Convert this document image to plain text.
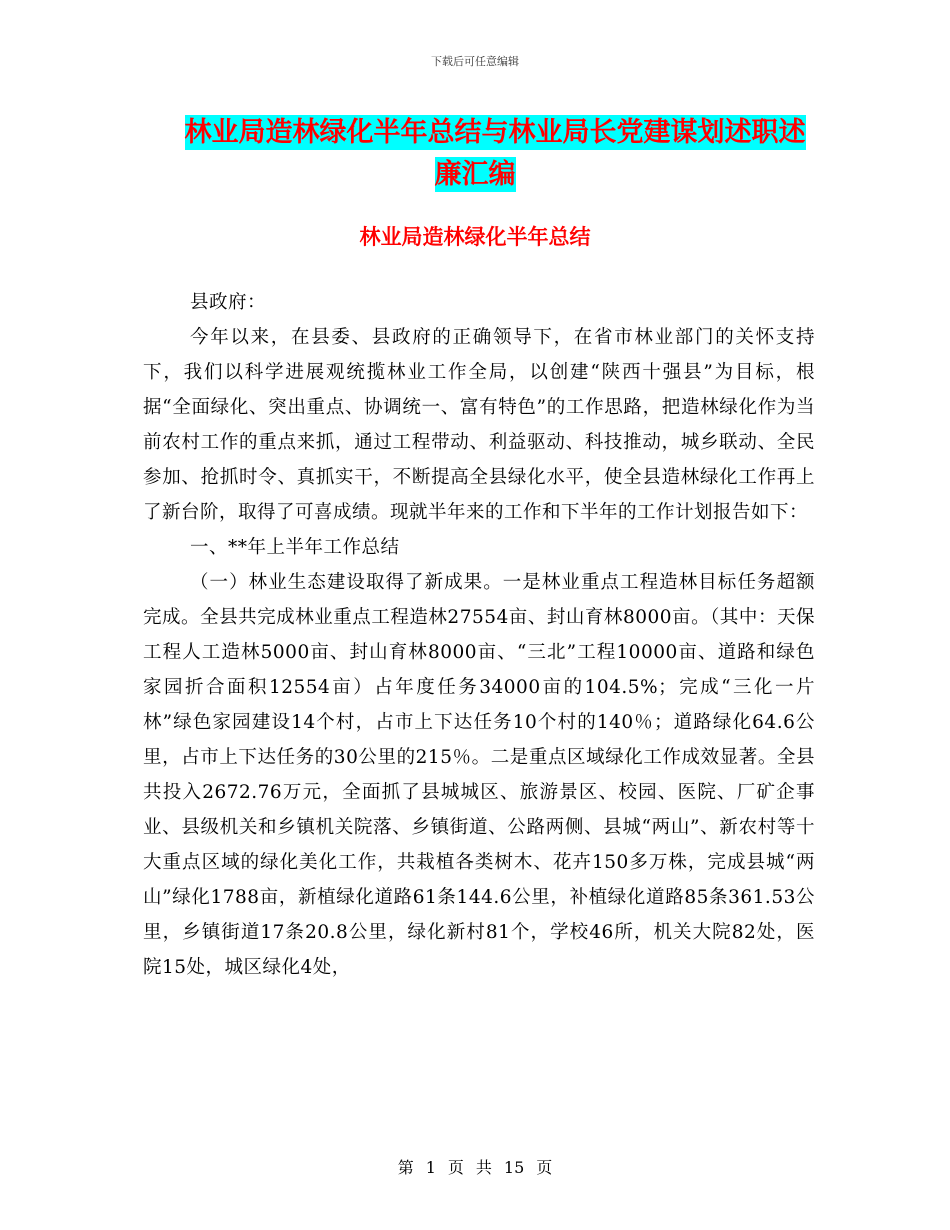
下载后可任意编辑
林业局造林绿化半年总结与林业局长党建谋划述职述
廉汇编
林业局造林绿化半年总结

县政府：

今年以来，在县委、县政府的正确领导下，在省市林业部门的关怀支持下，我们以科学进展观统揽林业工作全局，以创建“陕西十强县”为目标，根据“全面绿化、突出重点、协调统一、富有特色”的工作思路，把造林绿化作为当前农村工作的重点来抓，通过工程带动、利益驱动、科技推动，城乡联动、全民参加、抢抓时令、真抓实干，不断提高全县绿化水平，使全县造林绿化工作再上了新台阶，取得了可喜成绩。现就半年来的工作和下半年的工作计划报告如下：

一、**年上半年工作总结

（一）林业生态建设取得了新成果。一是林业重点工程造林目标任务超额完成。全县共完成林业重点工程造林27554亩、封山育林8000亩。（其中：天保工程人工造林5000亩、封山育林8000亩、“三北”工程10000亩、道路和绿色家园折合面积12554亩）占年度任务34000亩的104.5%；完成“三化一片林”绿色家园建设14个村，占市上下达任务10个村的140％；道路绿化64.6公里，占市上下达任务的30公里的215％。二是重点区域绿化工作成效显著。全县共投入2672.76万元，全面抓了县城城区、旅游景区、校园、医院、厂矿企事业、县级机关和乡镇机关院落、乡镇街道、公路两侧、县城“两山”、新农村等十大重点区域的绿化美化工作，共栽植各类树木、花卉150多万株，完成县城“两山”绿化1788亩，新植绿化道路61条144.6公里，补植绿化道路85条361.53公里，乡镇街道17条20.8公里，绿化新村81个，学校46所，机关大院82处，医院15处，城区绿化4处，

第 1 页 共 15 页
